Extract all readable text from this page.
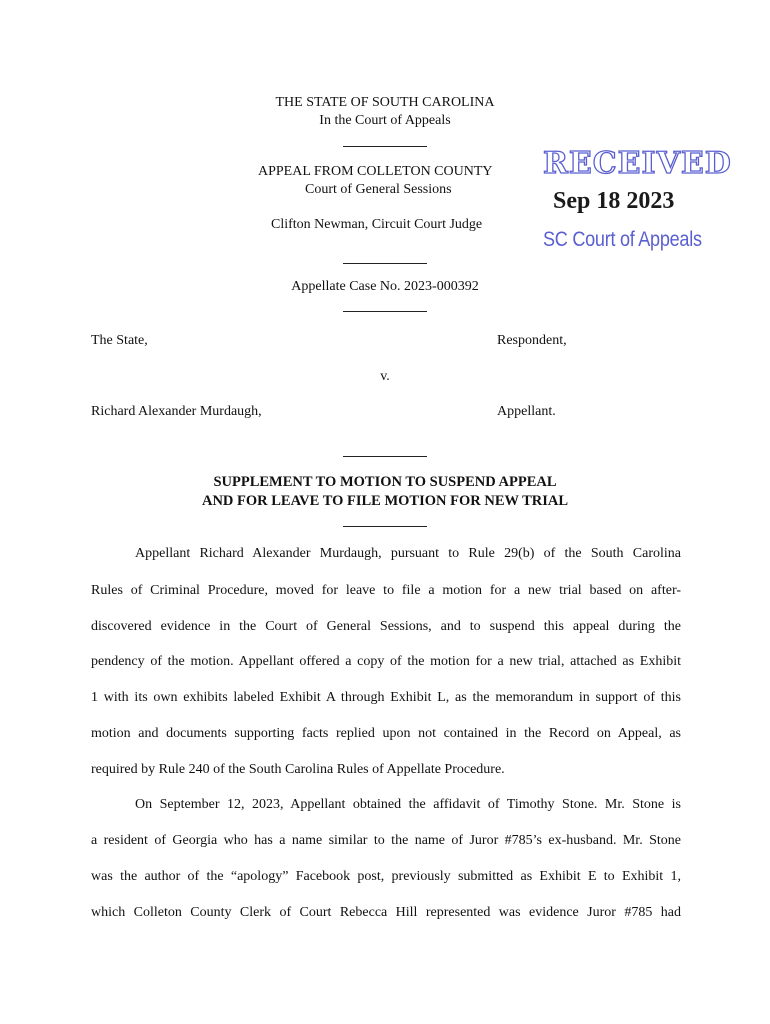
THE STATE OF SOUTH CAROLINA
In the Court of Appeals
APPEAL FROM COLLETON COUNTY
Court of General Sessions
Clifton Newman, Circuit Court Judge
Appellate Case No. 2023-000392
RECEIVED
Sep 18 2023
SC Court of Appeals
The State,	Respondent,
v.
Richard Alexander Murdaugh,	Appellant.
SUPPLEMENT TO MOTION TO SUSPEND APPEAL
AND FOR LEAVE TO FILE MOTION FOR NEW TRIAL
Appellant Richard Alexander Murdaugh, pursuant to Rule 29(b) of the South Carolina
Rules of Criminal Procedure, moved for leave to file a motion for a new trial based on after-
discovered evidence in the Court of General Sessions, and to suspend this appeal during the
pendency of the motion. Appellant offered a copy of the motion for a new trial, attached as Exhibit
1 with its own exhibits labeled Exhibit A through Exhibit L, as the memorandum in support of this
motion and documents supporting facts replied upon not contained in the Record on Appeal, as
required by Rule 240 of the South Carolina Rules of Appellate Procedure.
On September 12, 2023, Appellant obtained the affidavit of Timothy Stone. Mr. Stone is
a resident of Georgia who has a name similar to the name of Juror #785’s ex-husband. Mr. Stone
was the author of the “apology” Facebook post, previously submitted as Exhibit E to Exhibit 1,
which Colleton County Clerk of Court Rebecca Hill represented was evidence Juror #785 had
